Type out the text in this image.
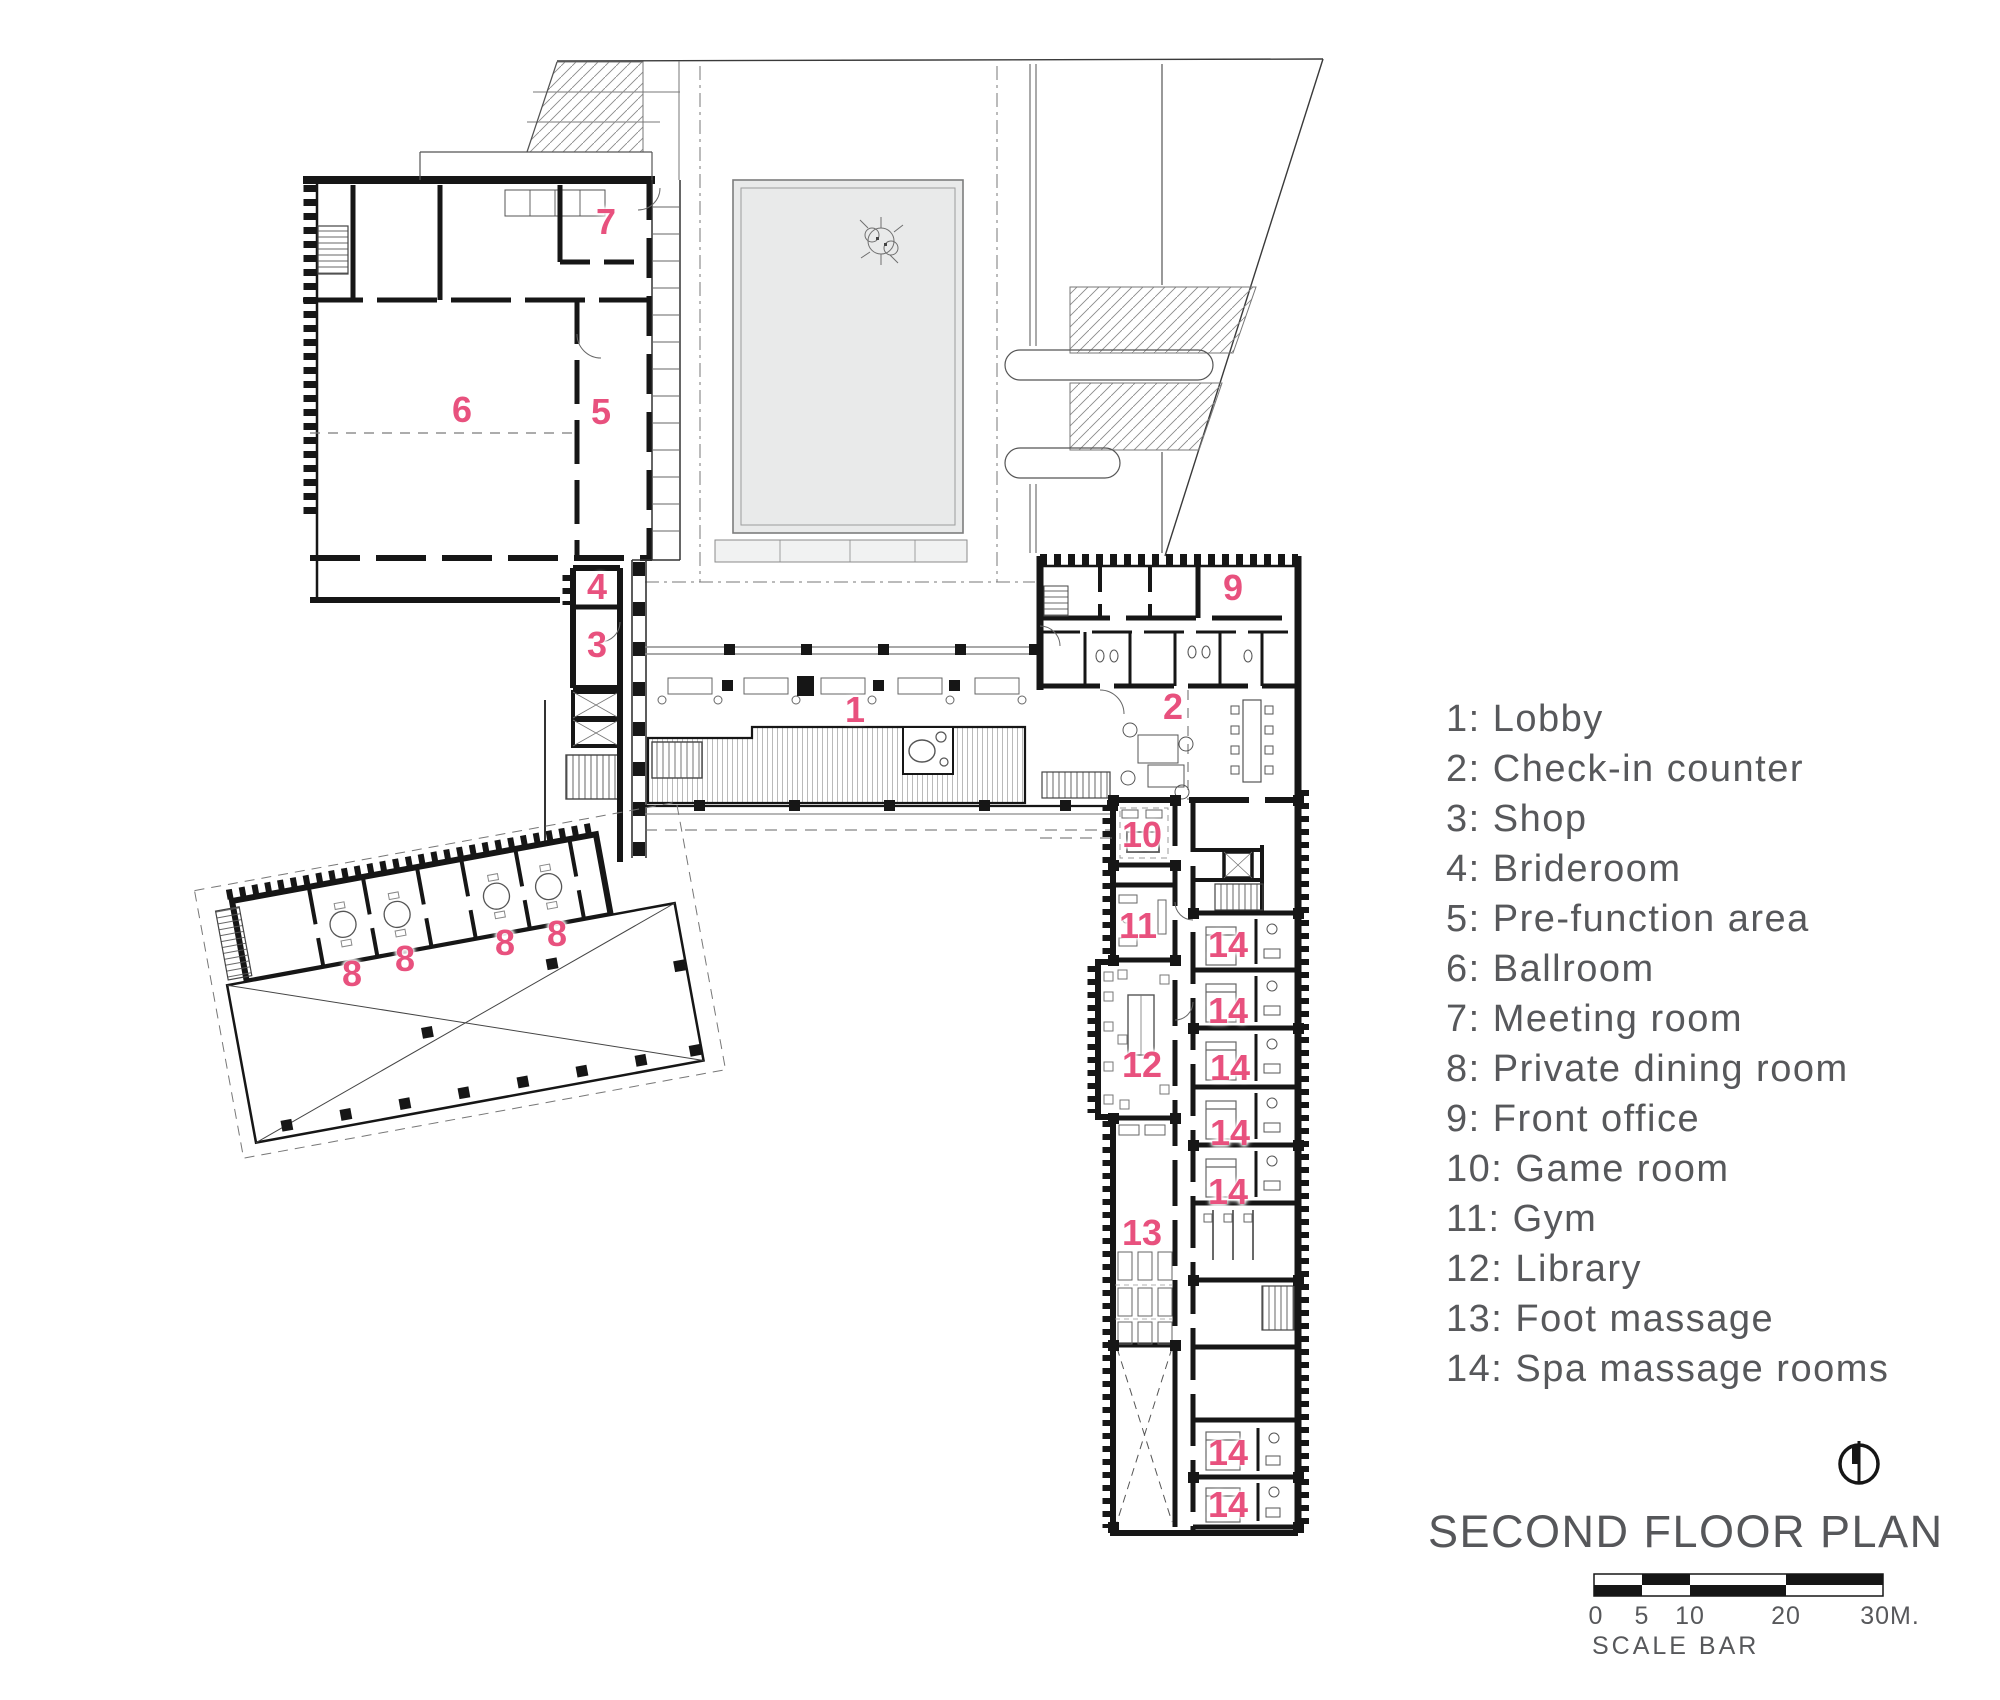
7
6	5
4
3
1	2
9
10
11 14
14
14
14
14
12
13
14
14
8 8 8 8
1: Lobby
2: Check-in counter
3: Shop
4: Brideroom
5: Pre-function area
6: Ballroom
7: Meeting room
8: Private dining room
9: Front office
10: Game room
11: Gym
12: Library
13: Foot massage
14: Spa massage rooms
SECOND FLOOR PLAN
0 5 10	20 30M.
SCALE BAR
